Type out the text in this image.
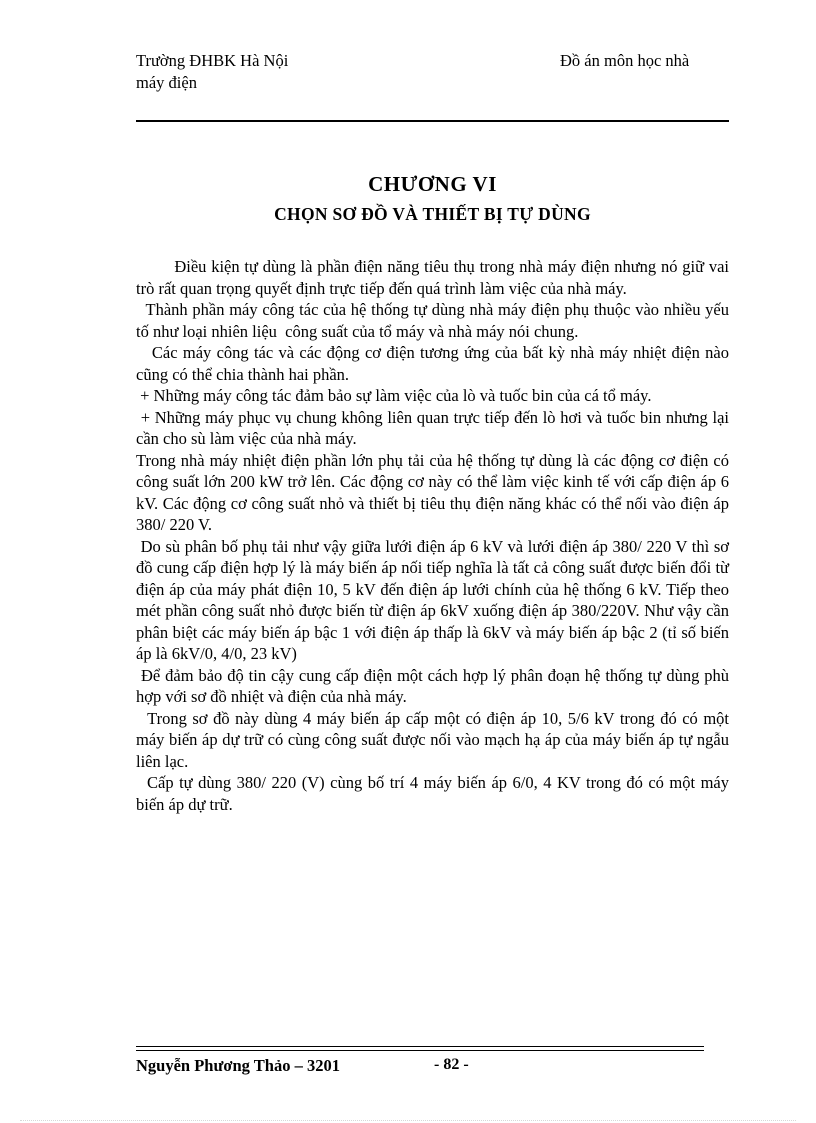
Trường ĐHBK Hà Nội
máy điện
Đồ án môn học nhà
CHƯƠNG VI
CHỌN SƠ ĐỒ VÀ THIẾT BỊ TỰ DÙNG

Điều kiện tự dùng là phần điện năng tiêu thụ trong nhà máy điện nhưng nó giữ vai trò rất quan trọng quyết định trực tiếp đến quá trình làm việc của nhà máy.

Thành phần máy công tác của hệ thống tự dùng nhà máy điện phụ thuộc vào nhiều yếu tố như loại nhiên liệu  công suất của tổ máy và nhà máy nói chung.

Các máy công tác và các động cơ điện tương ứng của bất kỳ nhà máy nhiệt điện nào cũng có thể chia thành hai phần.

+ Những máy công tác đảm bảo sự làm việc của lò và tuốc bin của cá tổ máy.

+ Những máy phục vụ chung không liên quan trực tiếp đến lò hơi và tuốc bin nhưng lại     cần cho sù làm việc của nhà máy.

Trong nhà máy nhiệt điện phần lớn phụ tải của hệ thống tự dùng là các động cơ điện có công suất lớn 200 kW trở lên. Các động cơ này có thể làm việc kinh tế với cấp điện áp 6 kV. Các động cơ công suất nhỏ và thiết bị tiêu thụ điện năng khác có thể nối vào điện áp 380/ 220 V.

Do sù phân bố phụ tải như vậy giữa lưới điện áp 6 kV và lưới điện áp 380/ 220 V thì sơ đồ cung cấp điện hợp lý là máy biến áp nối tiếp nghĩa là tất cả công suất được biến đổi từ điện áp của máy phát điện 10, 5 kV đến điện áp lưới chính của hệ thống 6 kV. Tiếp theo mét phần công suất nhỏ được biến từ điện áp 6kV xuống điện áp 380/220V. Như vậy cần phân biệt các máy biến áp bậc 1 với điện áp thấp là 6kV và máy biến áp bậc 2 (tỉ số biến áp là 6kV/0, 4/0, 23 kV)

Để đảm bảo độ tin cậy cung cấp điện một cách hợp lý phân đoạn hệ thống tự dùng phù hợp với sơ đồ nhiệt và điện của nhà máy.

Trong sơ đồ này dùng 4 máy biến áp cấp một có điện áp 10, 5/6 kV trong đó có một máy biến áp dự trữ có cùng công suất được nối vào mạch hạ áp của máy biến áp tự ngẫu liên lạc.

Cấp tự dùng 380/ 220 (V) cùng bố trí 4 máy biến áp 6/0, 4 KV trong đó có một máy biến áp dự trữ.

Nguyễn Phương Thảo – 3201	- 82 -
